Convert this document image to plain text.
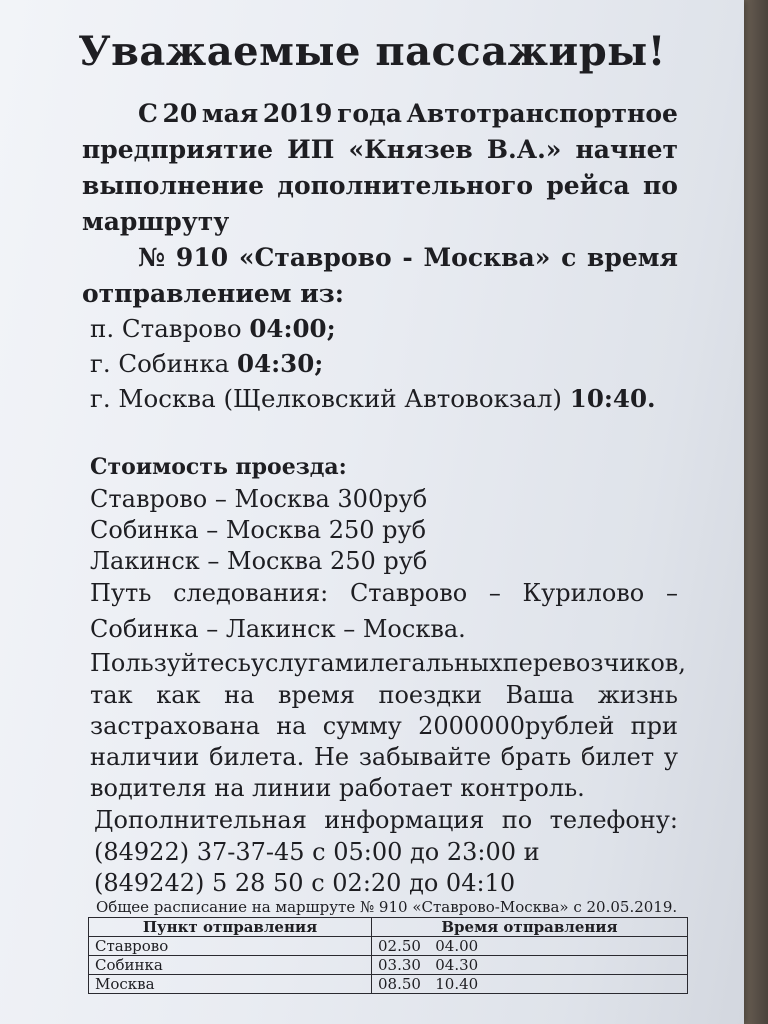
Уважаемые пассажиры!
С 20 мая 2019 года Автотранспортное
предприятие ИП «Князев В.А.» начнет
выполнение дополнительного рейса по
маршруту
№ 910 «Ставрово - Москва» с время
отправлением из:
п. Ставрово 04:00;
г. Собинка 04:30;
г. Москва (Щелковский Автовокзал) 10:40.
Стоимость проезда:
Ставрово – Москва 300руб
Собинка – Москва 250 руб
Лакинск – Москва 250 руб
Путь следования: Ставрово – Курилово –
Собинка – Лакинск – Москва.
Пользуйтесь услугами легальных перевозчиков,
так как на время поездки Ваша жизнь
застрахована на сумму 2000000рублей при
наличии билета. Не забывайте брать билет у
водителя на линии работает контроль.
Дополнительная информация по телефону:
(84922) 37-37-45 с 05:00 до 23:00 и
(849242) 5 28 50 с 02:20 до 04:10
Общее расписание на маршруте № 910 «Ставрово-Москва» с 20.05.2019.
Пункт отправления	Время отправления
Ставрово	02.50   04.00
Собинка	03.30   04.30
Москва	08.50   10.40
